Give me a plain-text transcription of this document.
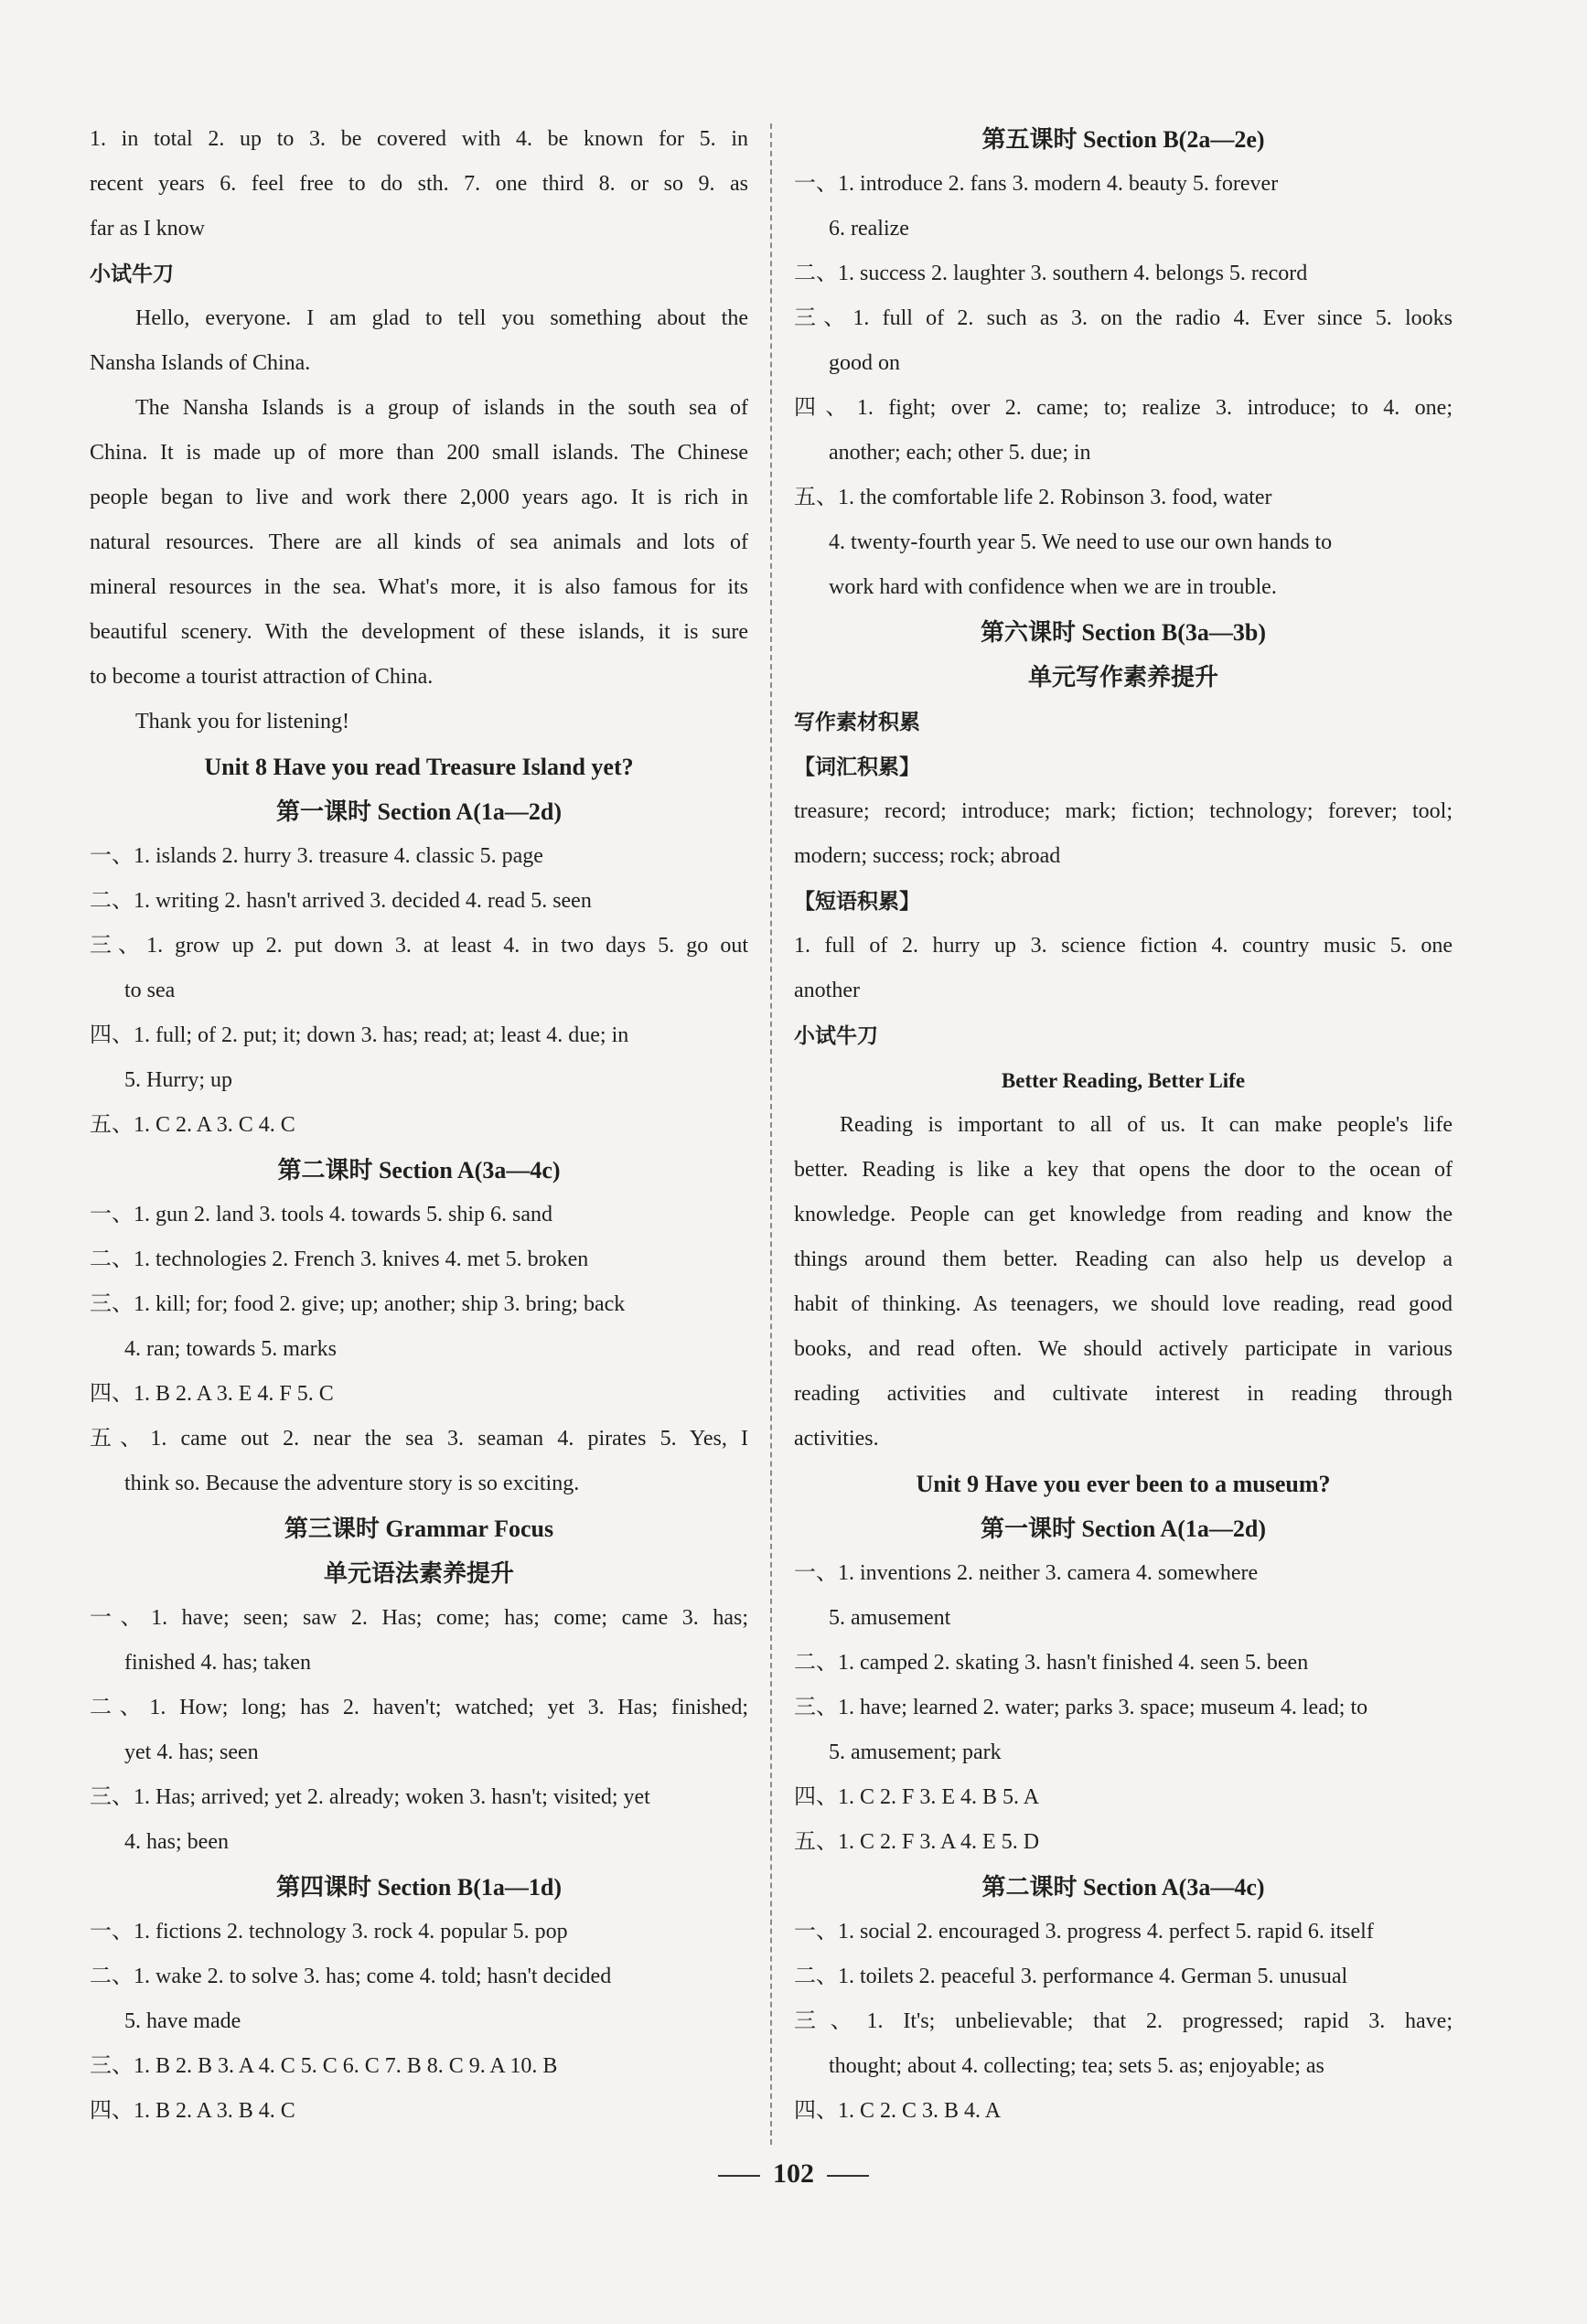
1. in total 2. up to 3. be covered with 4. be known for 5. in
recent years 6. feel free to do sth. 7. one third 8. or so 9. as
far as I know
小试牛刀
Hello, everyone. I am glad to tell you something about the
Nansha Islands of China.
The Nansha Islands is a group of islands in the south sea of
China. It is made up of more than 200 small islands. The Chinese
people began to live and work there 2,000 years ago. It is rich in
natural resources. There are all kinds of sea animals and lots of
mineral resources in the sea. What's more, it is also famous for its
beautiful scenery. With the development of these islands, it is sure
to become a tourist attraction of China.
Thank you for listening!
Unit 8 Have you read Treasure Island yet?
第一课时 Section A(1a—2d)
一、1. islands 2. hurry 3. treasure 4. classic 5. page
二、1. writing 2. hasn't arrived 3. decided 4. read 5. seen
三、1. grow up 2. put down 3. at least 4. in two days 5. go out
to sea
四、1. full; of 2. put; it; down 3. has; read; at; least 4. due; in
5. Hurry; up
五、1. C 2. A 3. C 4. C
第二课时 Section A(3a—4c)
一、1. gun 2. land 3. tools 4. towards 5. ship 6. sand
二、1. technologies 2. French 3. knives 4. met 5. broken
三、1. kill; for; food 2. give; up; another; ship 3. bring; back
4. ran; towards 5. marks
四、1. B 2. A 3. E 4. F 5. C
五、1. came out 2. near the sea 3. seaman 4. pirates 5. Yes, I
think so. Because the adventure story is so exciting.
第三课时 Grammar Focus
单元语法素养提升
一、1. have; seen; saw 2. Has; come; has; come; came 3. has;
finished 4. has; taken
二、1. How; long; has 2. haven't; watched; yet 3. Has; finished;
yet 4. has; seen
三、1. Has; arrived; yet 2. already; woken 3. hasn't; visited; yet
4. has; been
第四课时 Section B(1a—1d)
一、1. fictions 2. technology 3. rock 4. popular 5. pop
二、1. wake 2. to solve 3. has; come 4. told; hasn't decided
5. have made
三、1. B 2. B 3. A 4. C 5. C 6. C 7. B 8. C 9. A 10. B
四、1. B 2. A 3. B 4. C
第五课时 Section B(2a—2e)
一、1. introduce 2. fans 3. modern 4. beauty 5. forever
6. realize
二、1. success 2. laughter 3. southern 4. belongs 5. record
三、1. full of 2. such as 3. on the radio 4. Ever since 5. looks
good on
四、1. fight; over 2. came; to; realize 3. introduce; to 4. one;
another; each; other 5. due; in
五、1. the comfortable life 2. Robinson 3. food, water
4. twenty-fourth year 5. We need to use our own hands to
work hard with confidence when we are in trouble.
第六课时 Section B(3a—3b)
单元写作素养提升
写作素材积累
【词汇积累】
treasure; record; introduce; mark; fiction; technology; forever; tool;
modern; success; rock; abroad
【短语积累】
1. full of 2. hurry up 3. science fiction 4. country music 5. one
another
小试牛刀
Better Reading, Better Life
Reading is important to all of us. It can make people's life
better. Reading is like a key that opens the door to the ocean of
knowledge. People can get knowledge from reading and know the
things around them better. Reading can also help us develop a
habit of thinking. As teenagers, we should love reading, read good
books, and read often. We should actively participate in various
reading activities and cultivate interest in reading through
activities.
Unit 9 Have you ever been to a museum?
第一课时 Section A(1a—2d)
一、1. inventions 2. neither 3. camera 4. somewhere
5. amusement
二、1. camped 2. skating 3. hasn't finished 4. seen 5. been
三、1. have; learned 2. water; parks 3. space; museum 4. lead; to
5. amusement; park
四、1. C 2. F 3. E 4. B 5. A
五、1. C 2. F 3. A 4. E 5. D
第二课时 Section A(3a—4c)
一、1. social 2. encouraged 3. progress 4. perfect 5. rapid 6. itself
二、1. toilets 2. peaceful 3. performance 4. German 5. unusual
三、1. It's; unbelievable; that 2. progressed; rapid 3. have;
thought; about 4. collecting; tea; sets 5. as; enjoyable; as
四、1. C 2. C 3. B 4. A
102
